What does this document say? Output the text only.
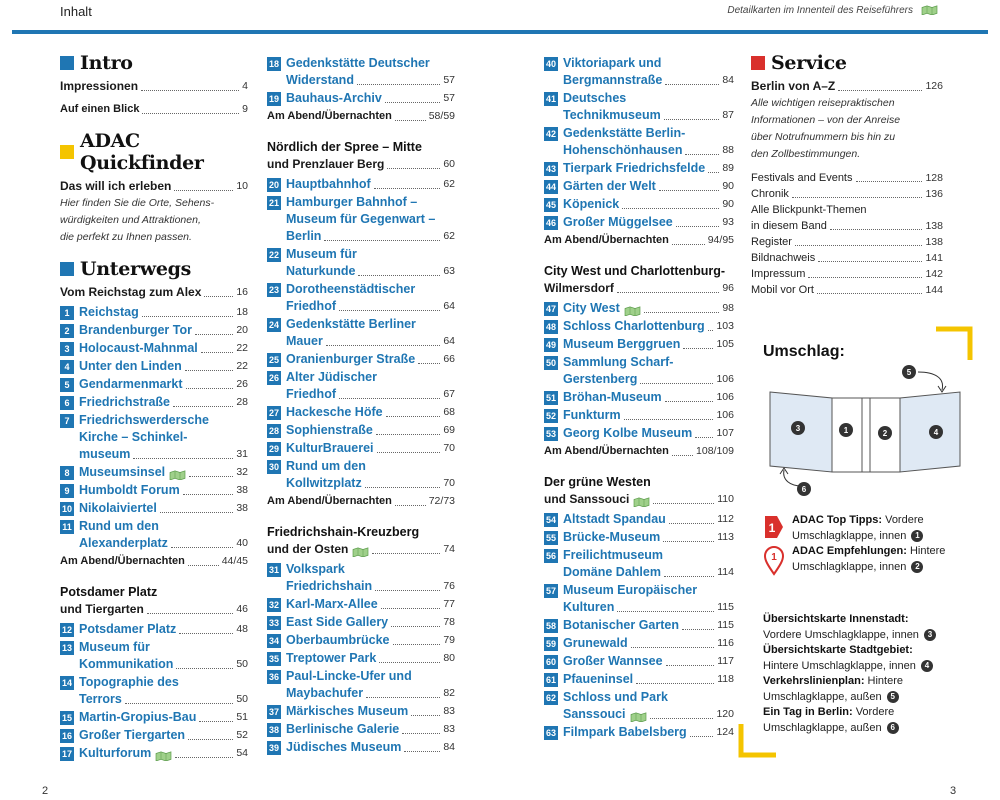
Inhalt	Detailkarten im Innenteil des Reiseführers
Intro
Impressionen	4
Auf einen Blick	9
ADAC Quickfinder
Das will ich erleben	10
Hier finden Sie die Orte, Sehens-
würdigkeiten und Attraktionen,
die perfekt zu Ihnen passen.
Unterwegs
Vom Reichstag zum Alex	16
1 Reichstag	18
2 Brandenburger Tor	20
3 Holocaust-Mahnmal	22
4 Unter den Linden	22
5 Gendarmenmarkt	26
6 Friedrichstraße	28
7 Friedrichswerdersche
Kirche – Schinkel-
museum	31
8 Museumsinsel	32
9 Humboldt Forum	38
10 Nikolaiviertel	38
11 Rund um den
Alexanderplatz	40
Am Abend/Übernachten	44/45
Potsdamer Platz
und Tiergarten	46
12 Potsdamer Platz	48
13 Museum für
Kommunikation	50
14 Topographie des
Terrors	50
15 Martin-Gropius-Bau	51
16 Großer Tiergarten	52
17 Kulturforum	54
18 Gedenkstätte Deutscher
Widerstand	57
19 Bauhaus-Archiv	57
Am Abend/Übernachten	58/59
Nördlich der Spree – Mitte
und Prenzlauer Berg	60
20 Hauptbahnhof	62
21 Hamburger Bahnhof –
Museum für Gegenwart –
Berlin	62
22 Museum für
Naturkunde	63
23 Dorotheenstädtischer
Friedhof	64
24 Gedenkstätte Berliner
Mauer	64
25 Oranienburger Straße	66
26 Alter Jüdischer
Friedhof	67
27 Hackesche Höfe	68
28 Sophienstraße	69
29 KulturBrauerei	70
30 Rund um den
Kollwitzplatz	70
Am Abend/Übernachten	72/73
Friedrichshain-Kreuzberg
und der Osten	74
31 Volkspark
Friedrichshain	76
32 Karl-Marx-Allee	77
33 East Side Gallery	78
34 Oberbaumbrücke	79
35 Treptower Park	80
36 Paul-Lincke-Ufer und
Maybachufer	82
37 Märkisches Museum	83
38 Berlinische Galerie	83
39 Jüdisches Museum	84
40 Viktoriapark und
Bergmannstraße	84
41 Deutsches
Technikmuseum	87
42 Gedenkstätte Berlin-
Hohenschönhausen	88
43 Tierpark Friedrichsfelde 89
44 Gärten der Welt	90
45 Köpenick	90
46 Großer Müggelsee	93
Am Abend/Übernachten	94/95
City West und Charlottenburg-
Wilmersdorf	96
47 City West	98
48 Schloss Charlottenburg 103
49 Museum Berggruen	105
50 Sammlung Scharf-
Gerstenberg	106
51 Bröhan-Museum	106
52 Funkturm	106
53 Georg Kolbe Museum 107
Am Abend/Übernachten	108/109
Der grüne Westen
und Sanssouci	110
54 Altstadt Spandau	112
55 Brücke-Museum	113
56 Freilichtmuseum
Domäne Dahlem	114
57 Museum Europäischer
Kulturen	115
58 Botanischer Garten	115
59 Grunewald	116
60 Großer Wannsee	117
61 Pfaueninsel	118
62 Schloss und Park
Sanssouci	120
63 Filmpark Babelsberg	124
Service
Berlin von A–Z	126
Alle wichtigen reisepraktischen
Informationen – von der Anreise
über Notrufnummern bis hin zu
den Zollbestimmungen.
Festivals and Events	128
Chronik	136
Alle Blickpunkt-Themen
in diesem Band	138
Register	138
Bildnachweis	141
Impressum	142
Mobil vor Ort	144
Umschlag:
3	1	2	4
5
6
1
ADAC Top Tipps: Vordere
Umschlagklappe, innen 1
1
ADAC Empfehlungen: Hintere
Umschlagklappe, innen 2
Übersichtskarte Innenstadt:
Vordere Umschlagklappe, innen 3
Übersichtskarte Stadtgebiet:
Hintere Umschlagklappe, innen 4
Verkehrslinienplan: Hintere
Umschlagklappe, außen 5
Ein Tag in Berlin: Vordere
Umschlagklappe, außen 6
2	3
